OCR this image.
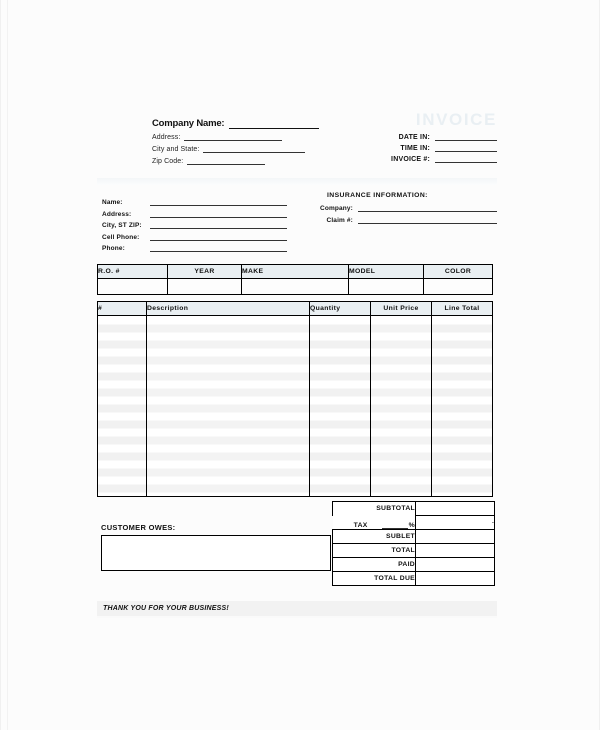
Company Name:
Address:
City and State:
Zip Code:
INVOICE
DATE IN:
TIME IN:
INVOICE #:
Name:
Address:
City, ST ZIP:
Cell Phone:
Phone:
INSURANCE INFORMATION:
Company:
Claim #:
R.O. #	YEAR	MAKE	MODEL	COLOR

#	Description	Quantity	Unit Price	Line Total

CUSTOMER OWES:
SUBTOTAL	

TAX %	-
SUBLET	
TOTAL	
PAID	
TOTAL DUE	
THANK YOU FOR YOUR BUSINESS!
